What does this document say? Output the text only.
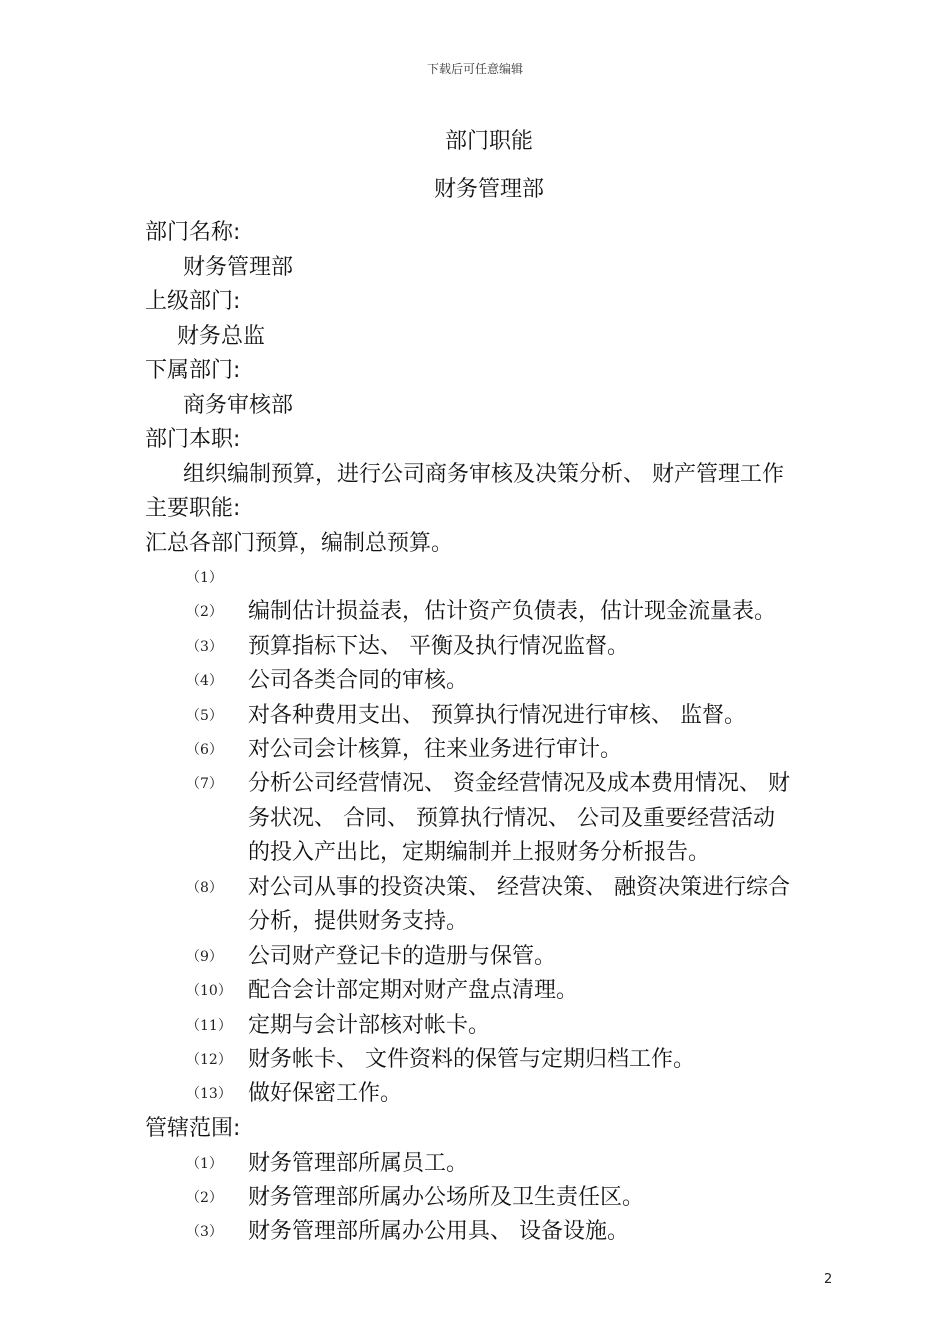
下载后可任意编辑
部门职能
财务管理部
部门名称:
财务管理部
上级部门:
财务总监
下属部门:
商务审核部
部门本职:
组织编制预算，进行公司商务审核及决策分析、 财产管理工作
主要职能:
汇总各部门预算，编制总预算。
（1）
（2） 编制估计损益表，估计资产负债表，估计现金流量表。
（3） 预算指标下达、 平衡及执行情况监督。
（4） 公司各类合同的审核。
（5） 对各种费用支出、 预算执行情况进行审核、 监督。
（6） 对公司会计核算，往来业务进行审计。
（7） 分析公司经营情况、 资金经营情况及成本费用情况、 财
务状况、 合同、 预算执行情况、 公司及重要经营活动
的投入产出比，定期编制并上报财务分析报告。
（8） 对公司从事的投资决策、 经营决策、 融资决策进行综合
分析，提供财务支持。
（9） 公司财产登记卡的造册与保管。
（10） 配合会计部定期对财产盘点清理。
（11） 定期与会计部核对帐卡。
（12） 财务帐卡、 文件资料的保管与定期归档工作。
（13） 做好保密工作。
管辖范围:
（1） 财务管理部所属员工。
（2） 财务管理部所属办公场所及卫生责任区。
（3） 财务管理部所属办公用具、 设备设施。
2
